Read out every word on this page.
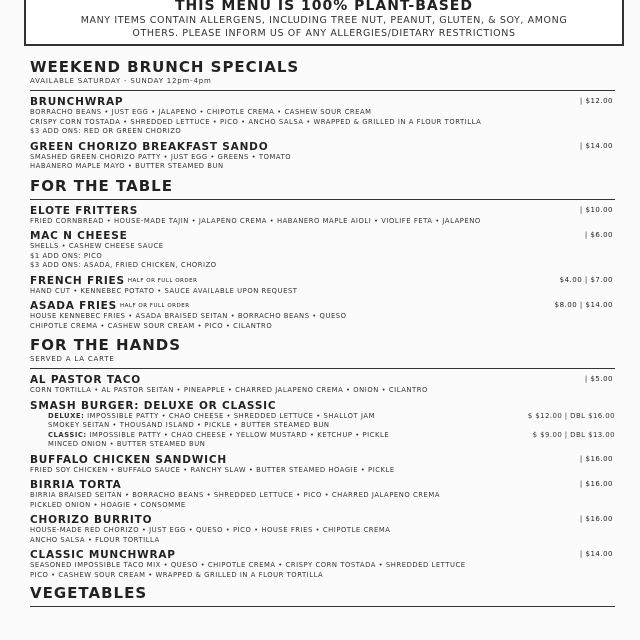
THIS MENU IS 100% PLANT-BASED

MANY ITEMS CONTAIN ALLERGENS, INCLUDING TREE NUT, PEANUT, GLUTEN, & SOY, AMONG

OTHERS. PLEASE INFORM US OF ANY ALLERGIES/DIETARY RESTRICTIONS

WEEKEND BRUNCH SPECIALS
AVAILABLE SATURDAY - SUNDAY 12pm-4pm
BRUNCHWRAP	| $12.00
BORRACHO BEANS • JUST EGG • JALAPENO • CHIPOTLE CREMA • CASHEW SOUR CREAM
CRISPY CORN TOSTADA • SHREDDED LETTUCE • PICO • ANCHO SALSA • WRAPPED & GRILLED IN A FLOUR TORTILLA
$3 ADD ONS: RED OR GREEN CHORIZO
GREEN CHORIZO BREAKFAST SANDO	| $14.00
SMASHED GREEN CHORIZO PATTY • JUST EGG • GREENS • TOMATO
HABANERO MAPLE MAYO • BUTTER STEAMED BUN
FOR THE TABLE
ELOTE FRITTERS	| $10.00
FRIED CORNBREAD • HOUSE-MADE TAJIN • JALAPENO CREMA • HABANERO MAPLE AIOLI • VIOLIFE FETA • JALAPENO
MAC N CHEESE	| $6.00
SHELLS • CASHEW CHEESE SAUCE
$1 ADD ONS: PICO
$3 ADD ONS: ASADA, FRIED CHICKEN, CHORIZO
FRENCH FRIES HALF OR FULL ORDER	$4.00 | $7.00
HAND CUT • KENNEBEC POTATO • SAUCE AVAILABLE UPON REQUEST
ASADA FRIES HALF OR FULL ORDER	$8.00 | $14.00
HOUSE KENNEBEC FRIES • ASADA BRAISED SEITAN • BORRACHO BEANS • QUESO
CHIPOTLE CREMA • CASHEW SOUR CREAM • PICO • CILANTRO
FOR THE HANDS
SERVED A LA CARTE
AL PASTOR TACO	| $5.00
CORN TORTILLA • AL PASTOR SEITAN • PINEAPPLE • CHARRED JALAPENO CREMA • ONION • CILANTRO
SMASH BURGER: DELUXE OR CLASSIC
DELUXE: IMPOSSIBLE PATTY • CHAO CHEESE • SHREDDED LETTUCE • SHALLOT JAM	$ $12.00 | DBL $16.00
SMOKEY SEITAN • THOUSAND ISLAND • PICKLE • BUTTER STEAMED BUN
CLASSIC: IMPOSSIBLE PATTY • CHAO CHEESE • YELLOW MUSTARD • KETCHUP • PICKLE	$ $9.00 | DBL $13.00
MINCED ONION • BUTTER STEAMED BUN
BUFFALO CHICKEN SANDWICH	| $16.00
FRIED SOY CHICKEN • BUFFALO SAUCE • RANCHY SLAW • BUTTER STEAMED HOAGIE • PICKLE
BIRRIA TORTA	| $16.00
BIRRIA BRAISED SEITAN • BORRACHO BEANS • SHREDDED LETTUCE • PICO • CHARRED JALAPENO CREMA
PICKLED ONION • HOAGIE • CONSOMME
CHORIZO BURRITO	| $16.00
HOUSE-MADE RED CHORIZO • JUST EGG • QUESO • PICO • HOUSE FRIES • CHIPOTLE CREMA
ANCHO SALSA • FLOUR TORTILLA
CLASSIC MUNCHWRAP	| $14.00
SEASONED IMPOSSIBLE TACO MIX • QUESO • CHIPOTLE CREMA • CRISPY CORN TOSTADA • SHREDDED LETTUCE
PICO • CASHEW SOUR CREAM • WRAPPED & GRILLED IN A FLOUR TORTILLA
VEGETABLES
